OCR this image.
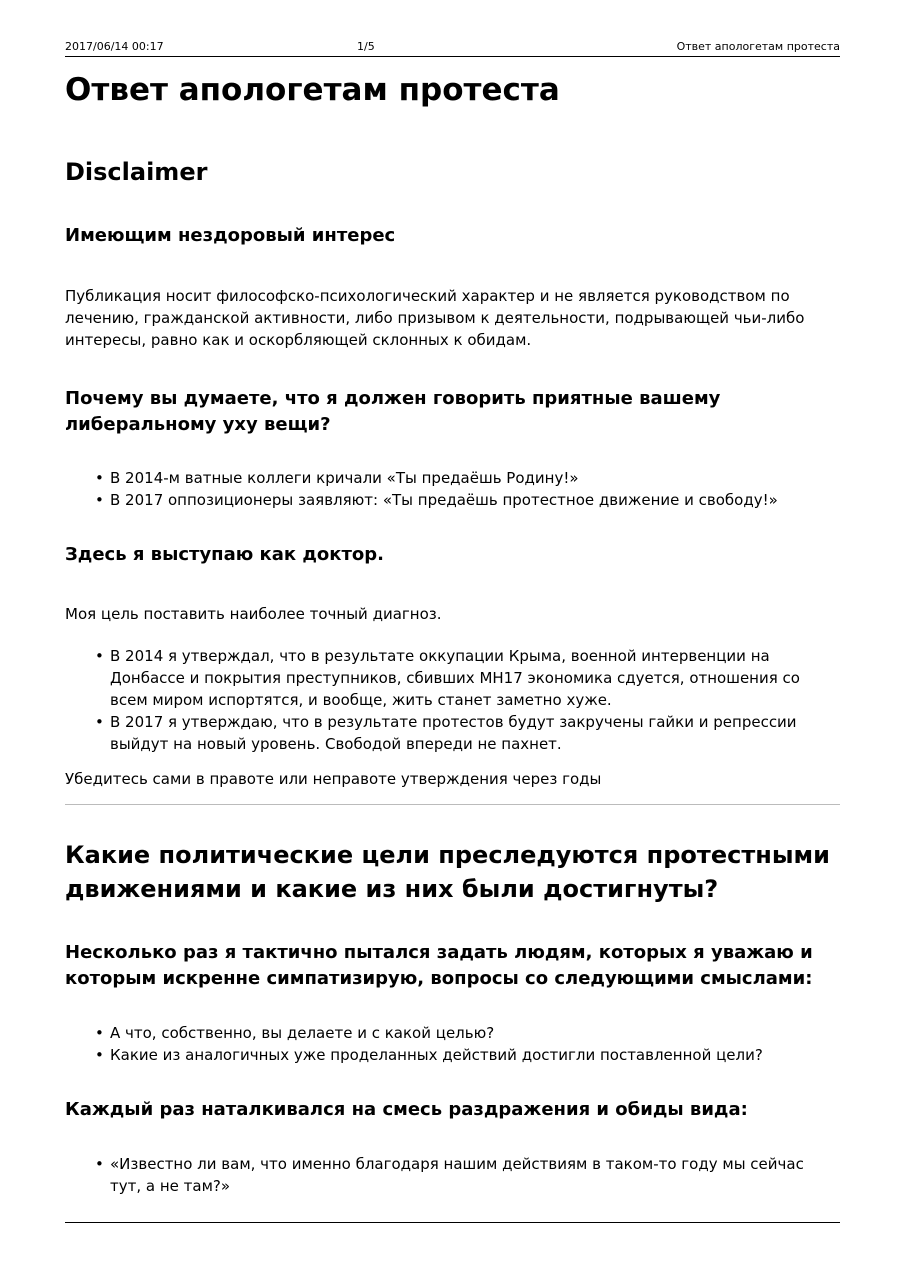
2017/06/14 00:17	1/5	Ответ апологетам протеста
Ответ апологетам протеста
Disclaimer
Имеющим нездоровый интерес

Публикация носит философско-психологический характер и не является руководством по лечению, гражданской активности, либо призывом к деятельности, подрывающей чьи-либо интересы, равно как и оскорбляющей склонных к обидам.

Почему вы думаете, что я должен говорить приятные вашему либеральному уху вещи?
• В 2014-м ватные коллеги кричали «Ты предаёшь Родину!»
• В 2017 оппозиционеры заявляют: «Ты предаёшь протестное движение и свободу!»
Здесь я выступаю как доктор.

Моя цель поставить наиболее точный диагноз.

• В 2014 я утверждал, что в результате оккупации Крыма, военной интервенции на Донбассе и покрытия преступников, сбивших МН17 экономика сдуется, отношения со всем миром испортятся, и вообще, жить станет заметно хуже.
• В 2017 я утверждаю, что в результате протестов будут закручены гайки и репрессии выйдут на новый уровень. Свободой впереди не пахнет.

Убедитесь сами в правоте или неправоте утверждения через годы

Какие политические цели преследуются протестными движениями и какие из них были достигнуты?
Несколько раз я тактично пытался задать людям, которых я уважаю и которым искренне симпатизирую, вопросы со следующими смыслами:
• А что, собственно, вы делаете и с какой целью?
• Какие из аналогичных уже проделанных действий достигли поставленной цели?
Каждый раз наталкивался на смесь раздражения и обиды вида:
• «Известно ли вам, что именно благодаря нашим действиям в таком-то году мы сейчас тут, а не там?»
